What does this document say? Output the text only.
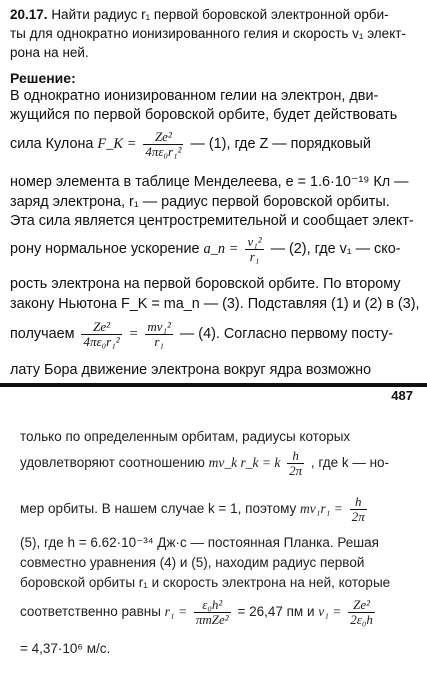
20.17. Найти радиус r₁ первой боровской электронной орби-
ты для однократно ионизированного гелия и скорость v₁ элект-
рона на ней.
Решение:
В однократно ионизированном гелии на электрон, дви-
жущийся по первой боровской орбите, будет действовать
сила Кулона F_K = $\frac{\text{Ze²}}{\text{4πε₀r₁²}}$ — (1), где Z — порядковый
номер элемента в таблице Менделеева, e = 1.6·10⁻¹⁹ Кл —
заряд электрона, r₁ — радиус первой боровской орбиты.
Эта сила является центростремительной и сообщает элект-
рону нормальное ускорение a_n = $\frac{\text{v₁²}}{\text{r₁}}$ — (2), где v₁ — ско-
рость электрона на первой боровской орбите. По второму
закону Ньютона F_K = ma_n — (3). Подставляя (1) и (2) в (3),
получаем $\frac{\text{Ze²}}{\text{4πε₀r₁²}} = \frac{\text{mv₁²}}{\text{r₁}}$ — (4). Согласно первому посту-
лату Бора движение электрона вокруг ядра возможно
487
только по определенным орбитам, радиусы которых
удовлетворяют соотношению mv_k r_k = k $\frac{h}{2\pi}$ , где k — но-
мер орбиты. В нашем случае k = 1, поэтому $mv_1r_1 = \frac{h}{2\pi}$
(5), где h = 6.62·10⁻³⁴ Дж·с — постоянная Планка. Решая
совместно уравнения (4) и (5), находим радиус первой
боровской орбиты r₁ и скорость электрона на ней, которые
соответственно равны $r_1 = \frac{\text{ε₀h²}}{\text{πmZe²}} = 26,47$ пм и $v_1 = \frac{\text{Ze²}}{\text{2ε₀h}}$
= 4,37·10⁶ м/с.
